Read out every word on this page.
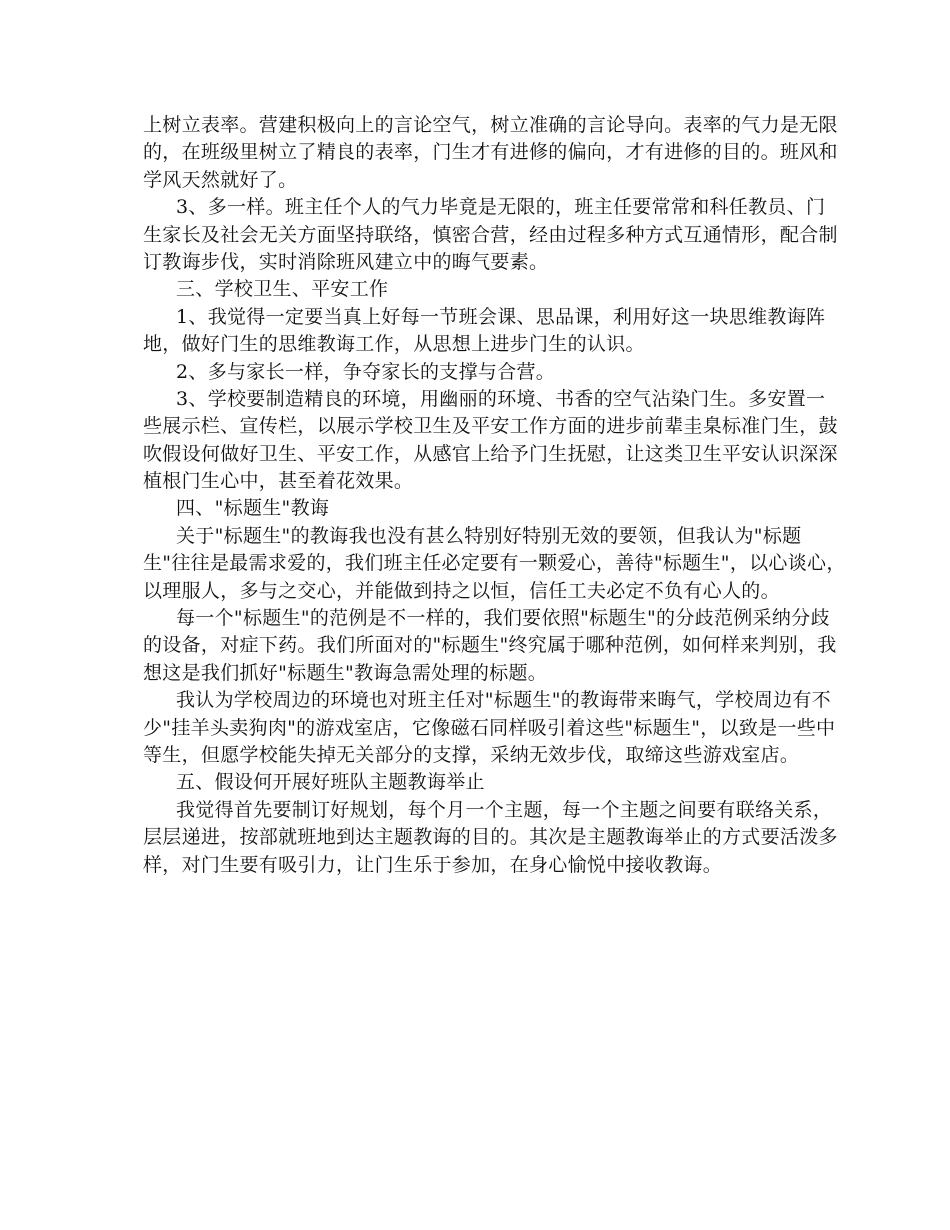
上树立表率。营建积极向上的言论空气，树立准确的言论导向。表率的气力是无限
的，在班级里树立了精良的表率，门生才有进修的偏向，才有进修的目的。班风和
学风天然就好了。
3、多一样。班主任个人的气力毕竟是无限的，班主任要常常和科任教员、门
生家长及社会无关方面坚持联络，慎密合营，经由过程多种方式互通情形，配合制
订教诲步伐，实时消除班风建立中的晦气要素。
三、学校卫生、平安工作
1、我觉得一定要当真上好每一节班会课、思品课，利用好这一块思维教诲阵
地，做好门生的思维教诲工作，从思想上进步门生的认识。
2、多与家长一样，争夺家长的支撑与合营。
3、学校要制造精良的环境，用幽丽的环境、书香的空气沾染门生。多安置一
些展示栏、宣传栏，以展示学校卫生及平安工作方面的进步前辈圭臬标准门生，鼓
吹假设何做好卫生、平安工作，从感官上给予门生抚慰，让这类卫生平安认识深深
植根门生心中，甚至着花效果。
四、"标题生"教诲
关于"标题生"的教诲我也没有甚么特别好特别无效的要领，但我认为"标题
生"往往是最需求爱的，我们班主任必定要有一颗爱心，善待"标题生"，以心谈心，
以理服人，多与之交心，并能做到持之以恒，信任工夫必定不负有心人的。
每一个"标题生"的范例是不一样的，我们要依照"标题生"的分歧范例采纳分歧
的设备，对症下药。我们所面对的"标题生"终究属于哪种范例，如何样来判别，我
想这是我们抓好"标题生"教诲急需处理的标题。
我认为学校周边的环境也对班主任对"标题生"的教诲带来晦气，学校周边有不
少"挂羊头卖狗肉"的游戏室店，它像磁石同样吸引着这些"标题生"，以致是一些中
等生，但愿学校能失掉无关部分的支撑，采纳无效步伐，取缔这些游戏室店。
五、假设何开展好班队主题教诲举止
我觉得首先要制订好规划，每个月一个主题，每一个主题之间要有联络关系，
层层递进，按部就班地到达主题教诲的目的。其次是主题教诲举止的方式要活泼多
样，对门生要有吸引力，让门生乐于参加，在身心愉悦中接收教诲。
